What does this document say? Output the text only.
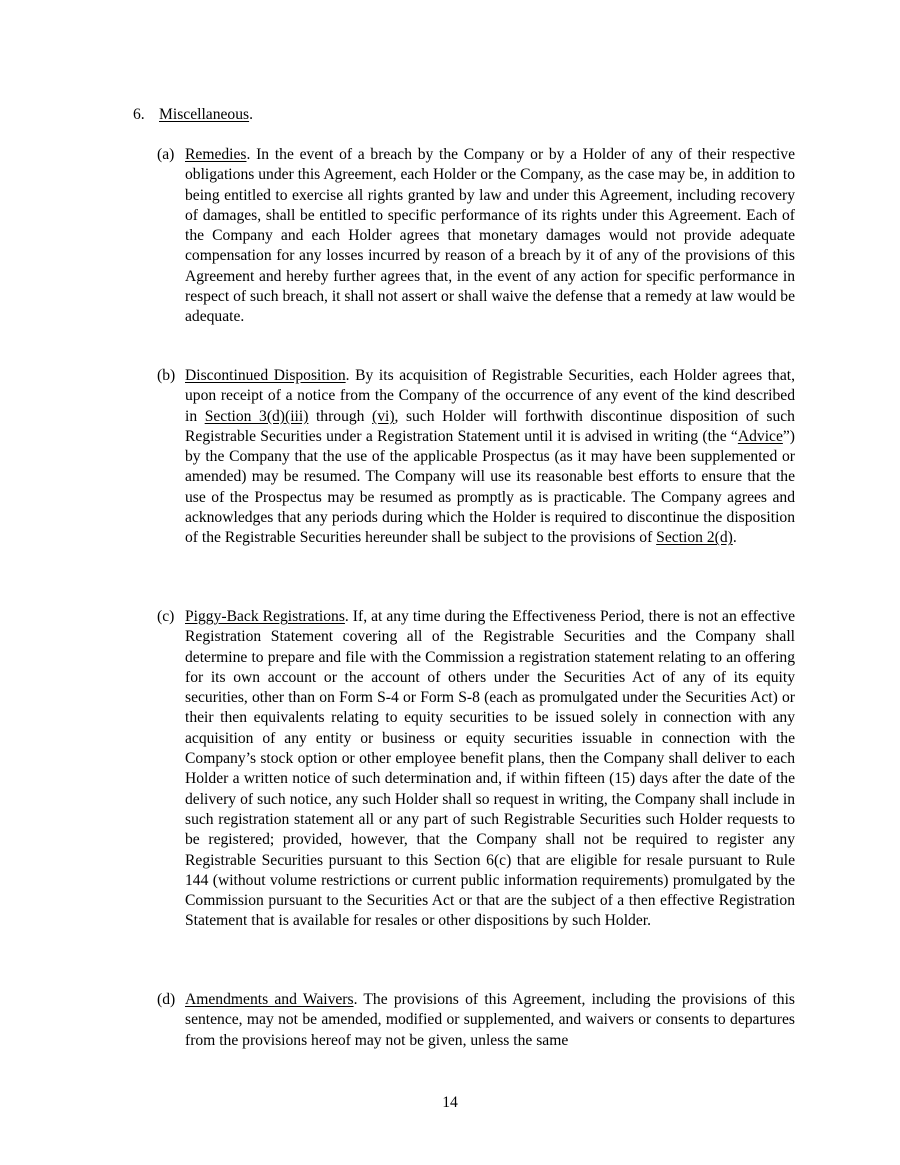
6. Miscellaneous.
(a) Remedies. In the event of a breach by the Company or by a Holder of any of their respective obligations under this Agreement, each Holder or the Company, as the case may be, in addition to being entitled to exercise all rights granted by law and under this Agreement, including recovery of damages, shall be entitled to specific performance of its rights under this Agreement. Each of the Company and each Holder agrees that monetary damages would not provide adequate compensation for any losses incurred by reason of a breach by it of any of the provisions of this Agreement and hereby further agrees that, in the event of any action for specific performance in respect of such breach, it shall not assert or shall waive the defense that a remedy at law would be adequate.
(b) Discontinued Disposition. By its acquisition of Registrable Securities, each Holder agrees that, upon receipt of a notice from the Company of the occurrence of any event of the kind described in Section 3(d)(iii) through (vi), such Holder will forthwith discontinue disposition of such Registrable Securities under a Registration Statement until it is advised in writing (the “Advice”) by the Company that the use of the applicable Prospectus (as it may have been supplemented or amended) may be resumed. The Company will use its reasonable best efforts to ensure that the use of the Prospectus may be resumed as promptly as is practicable. The Company agrees and acknowledges that any periods during which the Holder is required to discontinue the disposition of the Registrable Securities hereunder shall be subject to the provisions of Section 2(d).
(c) Piggy-Back Registrations. If, at any time during the Effectiveness Period, there is not an effective Registration Statement covering all of the Registrable Securities and the Company shall determine to prepare and file with the Commission a registration statement relating to an offering for its own account or the account of others under the Securities Act of any of its equity securities, other than on Form S-4 or Form S-8 (each as promulgated under the Securities Act) or their then equivalents relating to equity securities to be issued solely in connection with any acquisition of any entity or business or equity securities issuable in connection with the Company’s stock option or other employee benefit plans, then the Company shall deliver to each Holder a written notice of such determination and, if within fifteen (15) days after the date of the delivery of such notice, any such Holder shall so request in writing, the Company shall include in such registration statement all or any part of such Registrable Securities such Holder requests to be registered; provided, however, that the Company shall not be required to register any Registrable Securities pursuant to this Section 6(c) that are eligible for resale pursuant to Rule 144 (without volume restrictions or current public information requirements) promulgated by the Commission pursuant to the Securities Act or that are the subject of a then effective Registration Statement that is available for resales or other dispositions by such Holder.
(d) Amendments and Waivers. The provisions of this Agreement, including the provisions of this sentence, may not be amended, modified or supplemented, and waivers or consents to departures from the provisions hereof may not be given, unless the same
14
